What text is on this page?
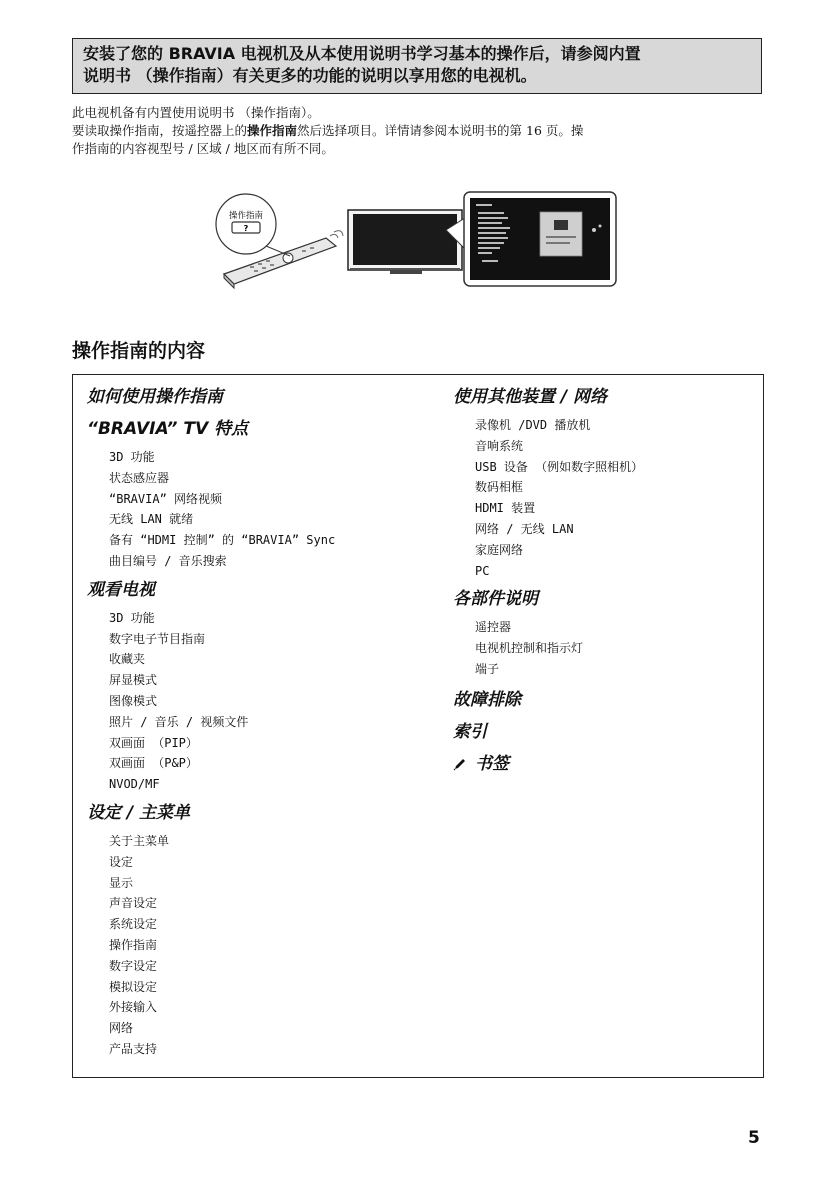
安装了您的 BRAVIA 电视机及从本使用说明书学习基本的操作后，请参阅内置
说明书 （操作指南）有关更多的功能的说明以享用您的电视机。

此电视机备有内置使用说明书 （操作指南）。

要读取操作指南，按遥控器上的操作指南然后选择项目。详情请参阅本说明书的第 16 页。操

作指南的内容视型号 / 区域 / 地区而有所不同。

操作指南
?
操作指南的内容
如何使用操作指南
“BRAVIA” TV 特点
3D 功能
状态感应器
“BRAVIA” 网络视频
无线 LAN 就绪
备有 “HDMI 控制” 的 “BRAVIA” Sync
曲目编号 / 音乐搜索
观看电视
3D 功能
数字电子节目指南
收藏夹
屏显模式
图像模式
照片 / 音乐 / 视频文件
双画面 （PIP）
双画面 （P&P）
NVOD/MF
设定 / 主菜单
关于主菜单
设定
显示
声音设定
系统设定
操作指南
数字设定
模拟设定
外接输入
网络
产品支持
使用其他装置 / 网络
录像机 /DVD 播放机
音响系统
USB 设备 （例如数字照相机）
数码相框
HDMI 装置
网络 / 无线 LAN
家庭网络
PC
各部件说明
遥控器
电视机控制和指示灯
端子
故障排除
索引
书签
5
